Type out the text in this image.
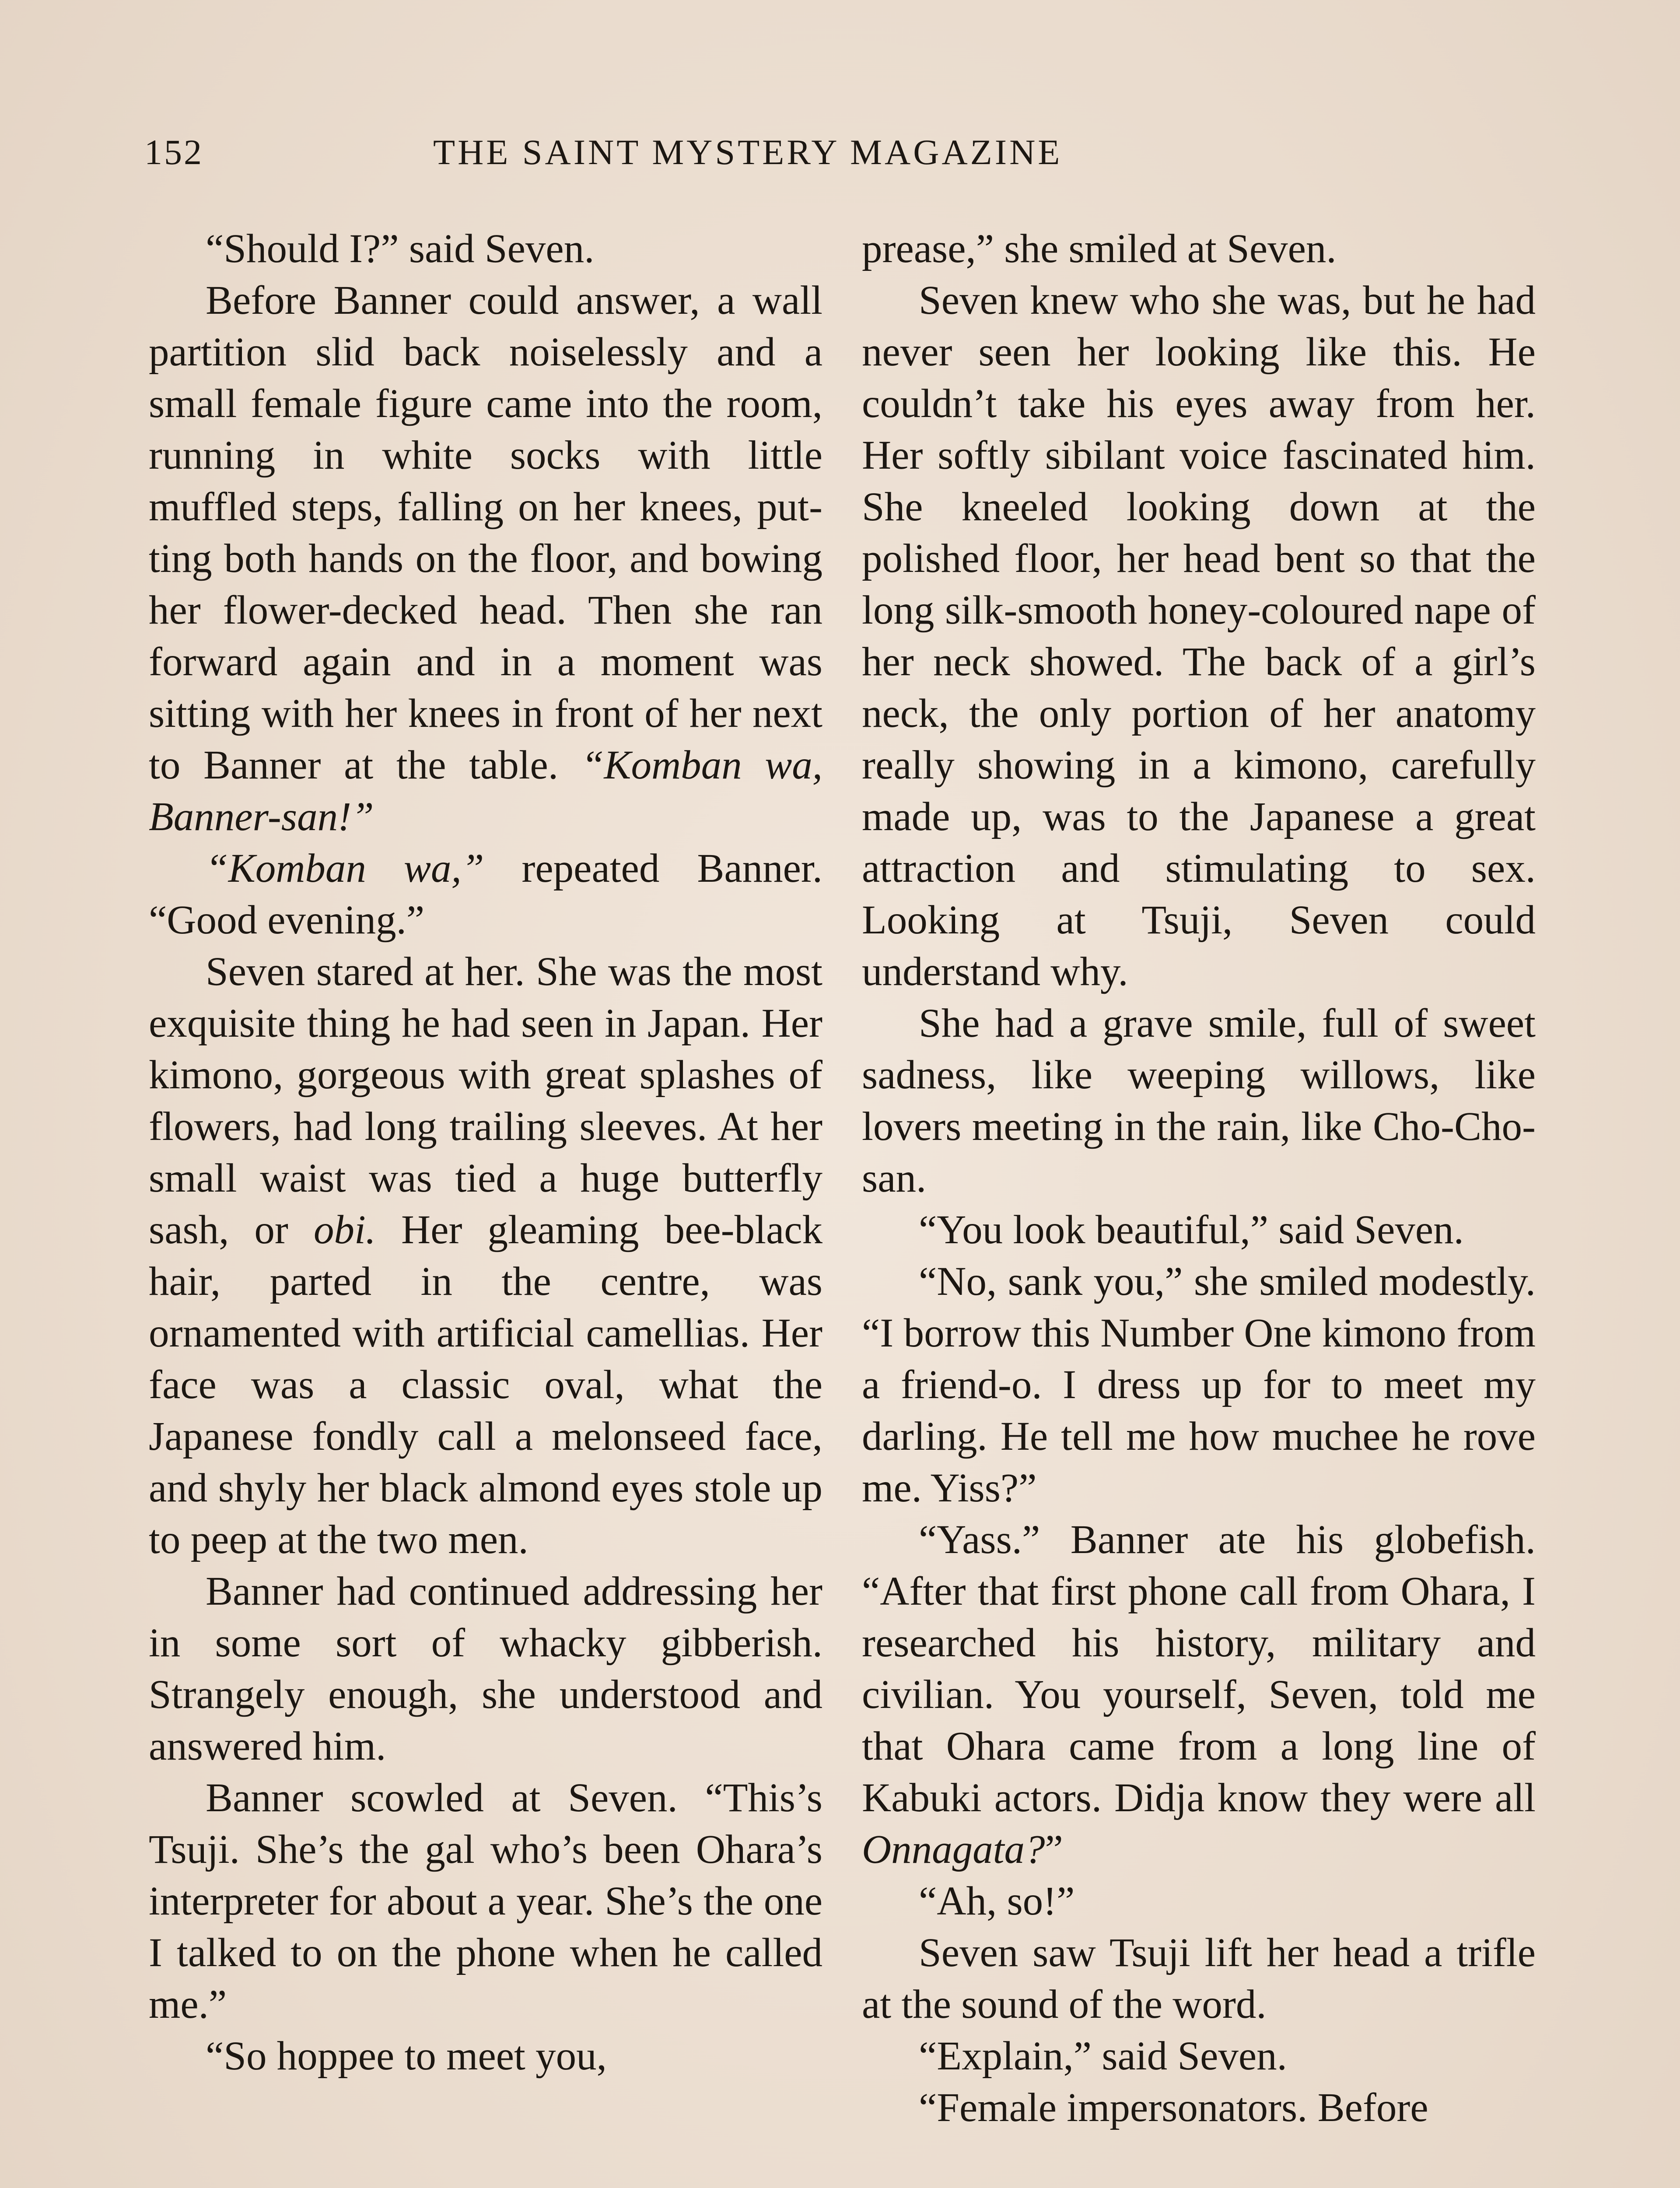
152	THE SAINT MYSTERY MAGAZINE

“Should I?” said Seven.

Before Banner could answer, a wall partition slid back noiselessly and a small female figure came into the room, running in white socks with little muffled steps, falling on her knees, putting both hands on the floor, and bowing her flower-decked head. Then she ran forward again and in a moment was sitting with her knees in front of her next to Banner at the table. “Komban wa, Banner-san!”

“Komban wa,” repeated Banner. “Good evening.”

Seven stared at her. She was the most exquisite thing he had seen in Japan. Her kimono, gorgeous with great splashes of flowers, had long trailing sleeves. At her small waist was tied a huge butterfly sash, or obi. Her gleaming bee-black hair, parted in the centre, was ornamented with artificial camellias. Her face was a classic oval, what the Japanese fondly call a melonseed face, and shyly her black almond eyes stole up to peep at the two men.

Banner had continued addressing her in some sort of whacky gibberish. Strangely enough, she understood and answered him.

Banner scowled at Seven. “This’s Tsuji. She’s the gal who’s been Ohara’s interpreter for about a year. She’s the one I talked to on the phone when he called me.”

“So hoppee to meet you,

prease,” she smiled at Seven.

Seven knew who she was, but he had never seen her looking like this. He couldn’t take his eyes away from her. Her softly sibilant voice fascinated him. She kneeled looking down at the polished floor, her head bent so that the long silk-smooth honey-coloured nape of her neck showed. The back of a girl’s neck, the only portion of her anatomy really showing in a kimono, carefully made up, was to the Japanese a great attraction and stimulating to sex. Looking at Tsuji, Seven could understand why.

She had a grave smile, full of sweet sadness, like weeping willows, like lovers meeting in the rain, like Cho-Cho-san.

“You look beautiful,” said Seven.

“No, sank you,” she smiled modestly. “I borrow this Number One kimono from a friend-o. I dress up for to meet my darling. He tell me how muchee he rove me. Yiss?”

“Yass.” Banner ate his globefish. “After that first phone call from Ohara, I researched his history, military and civilian. You yourself, Seven, told me that Ohara came from a long line of Kabuki actors. Didja know they were all Onnagata?”

“Ah, so!”

Seven saw Tsuji lift her head a trifle at the sound of the word.

“Explain,” said Seven.

“Female impersonators. Before
